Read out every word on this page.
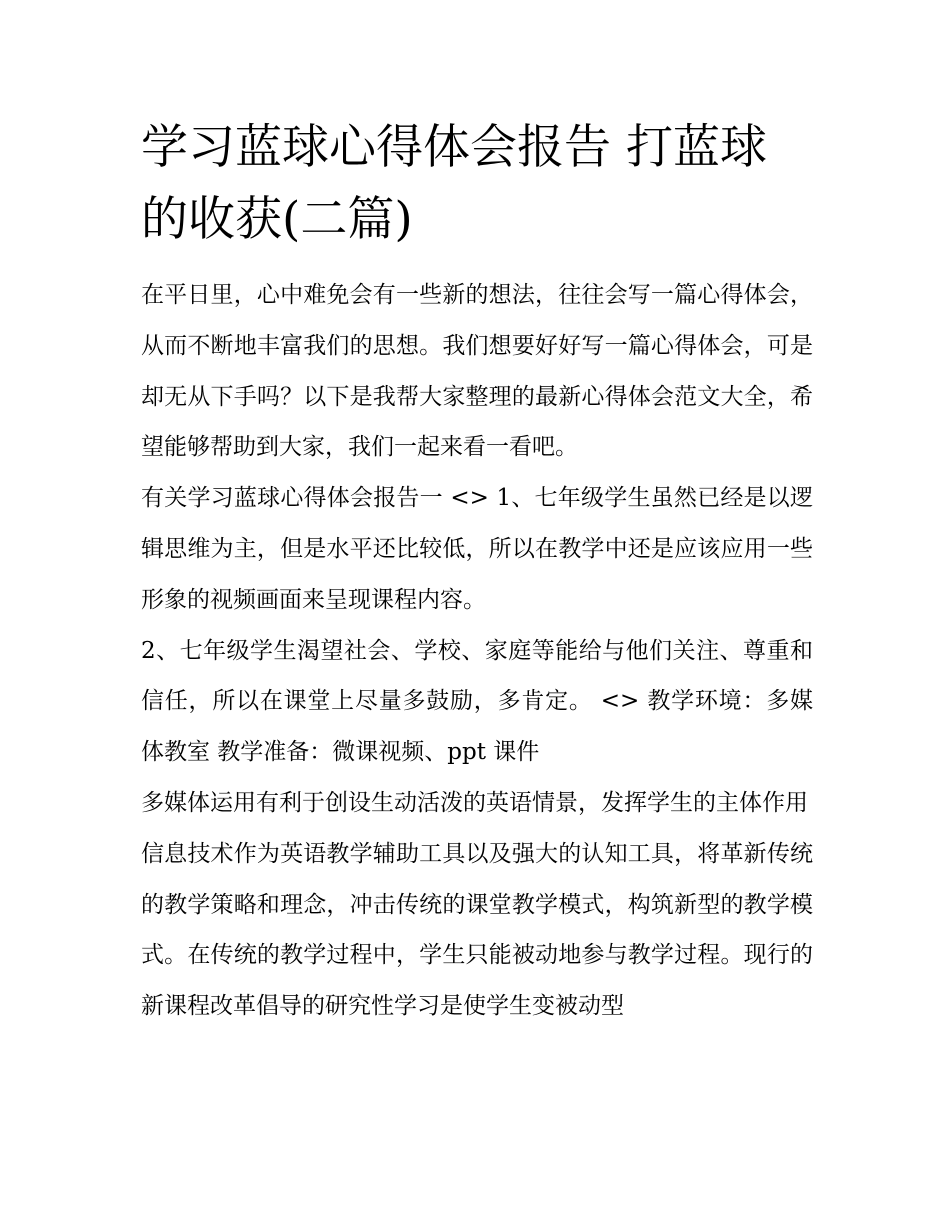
学习蓝球心得体会报告 打蓝球的收获(二篇)

在平日里，心中难免会有一些新的想法，往往会写一篇心得体会，从而不断地丰富我们的思想。我们想要好好写一篇心得体会，可是却无从下手吗？以下是我帮大家整理的最新心得体会范文大全，希望能够帮助到大家，我们一起来看一看吧。

有关学习蓝球心得体会报告一 <> 1、七年级学生虽然已经是以逻辑思维为主，但是水平还比较低，所以在教学中还是应该应用一些形象的视频画面来呈现课程内容。

2、七年级学生渴望社会、学校、家庭等能给与他们关注、尊重和信任，所以在课堂上尽量多鼓励，多肯定。 <> 教学环境：多媒体教室 教学准备：微课视频、ppt 课件

多媒体运用有利于创设生动活泼的英语情景，发挥学生的主体作用

信息技术作为英语教学辅助工具以及强大的认知工具，将革新传统的教学策略和理念，冲击传统的课堂教学模式，构筑新型的教学模式。在传统的教学过程中，学生只能被动地参与教学过程。现行的新课程改革倡导的研究性学习是使学生变被动型
